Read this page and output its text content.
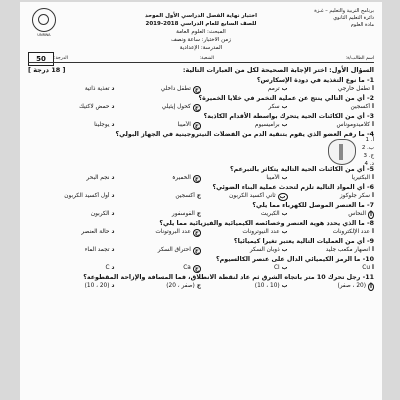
برنامج التربية والتعليم – غـزة
دائرة التعليم الثانوي
مادة العلوم
اختبار نهاية الفصل الدراسي الأول الموحد
للصف السابع للعام الدراسي 2018-2019
المبحث: العلوم العامة
زمن الاختبار: ساعة ونصف
المدرسة: الإعدادية
UNRWA
50	اسم الطالب/ة:
الشعبة:
الدرجة:
السؤال الأول: اختر الإجابة الصحيحة لكل من العبارات التالية:
[ 18 درجة ]
1- ما نوع التغذية في دودة الإسكارس؟
أ
تطفل خارجي
ب
ترمم
ج
تطفل داخلي
د
تغذية ذاتية
2- أي من التالي ينتج عن عملية التخمر في خلايا الخميرة؟
أ
أكسجين
ب
سكر
ج
كحول إيثيلي
د
حمض لاكتيك
3- أي من الكائنات الحية يتحرك بواسطة الأقدام الكاذبة؟
أ
كلاميدوموناس
ب
براميسيوم
ج
الأميبا
د
يوجلينا
4- ما رقم العضو الذي يقوم بتنقية الدم من الفضلات النيتروجينية في الجهاز البولي؟
أ. 1
ب. 2
ج. 3
د. 4
5- أي من الكائنات الحية التالية يتكاثر بالتبرعم؟
أ
البكتيريا
ب
الأميبا
ج
الخميرة
د
نجم البحر
6- أي المواد التالية تلزم لتحدث عملية البناء الضوئي؟
أ
سكر جلوكوز
ب
ثاني أكسيد الكربون
ج
أكسجين
د
أول أكسيد الكربون
7- ما العنصر الموصل للكهرباء مما يلي؟
أ
النحاس
ب
الكبريت
ج
الفوسفور
د
الكربون
8- ما الذي يحدد هوية العنصر وخصائصه الكيميائية والفيزيائية مما يلي؟
أ
عدد الإلكترونات
ب
عدد النيوترونات
ج
عدد البروتونات
د
حالة العنصر
9- أي من العمليات التالية يعتبر تغيرا كيميائيا؟
أ
انصهار مكعب جليد
ب
ذوبان السكر
ج
احتراق السكر
د
تجمد الماء
10- ما الرمز الكيميائي الدال على عنصر الكالسيوم؟
أ
Cu
ب
Cl
ج
Ca
د
C
11- رجل تحرك 10 متر باتجاه الشرق ثم عاد لنقطة الانطلاق، فما المسافة والإزاحة المقطوعة؟
أ
(20 ، صفر)
ب
(10 ، 10)
ج
(صفر ، 20)
د
(20 ، 10)
